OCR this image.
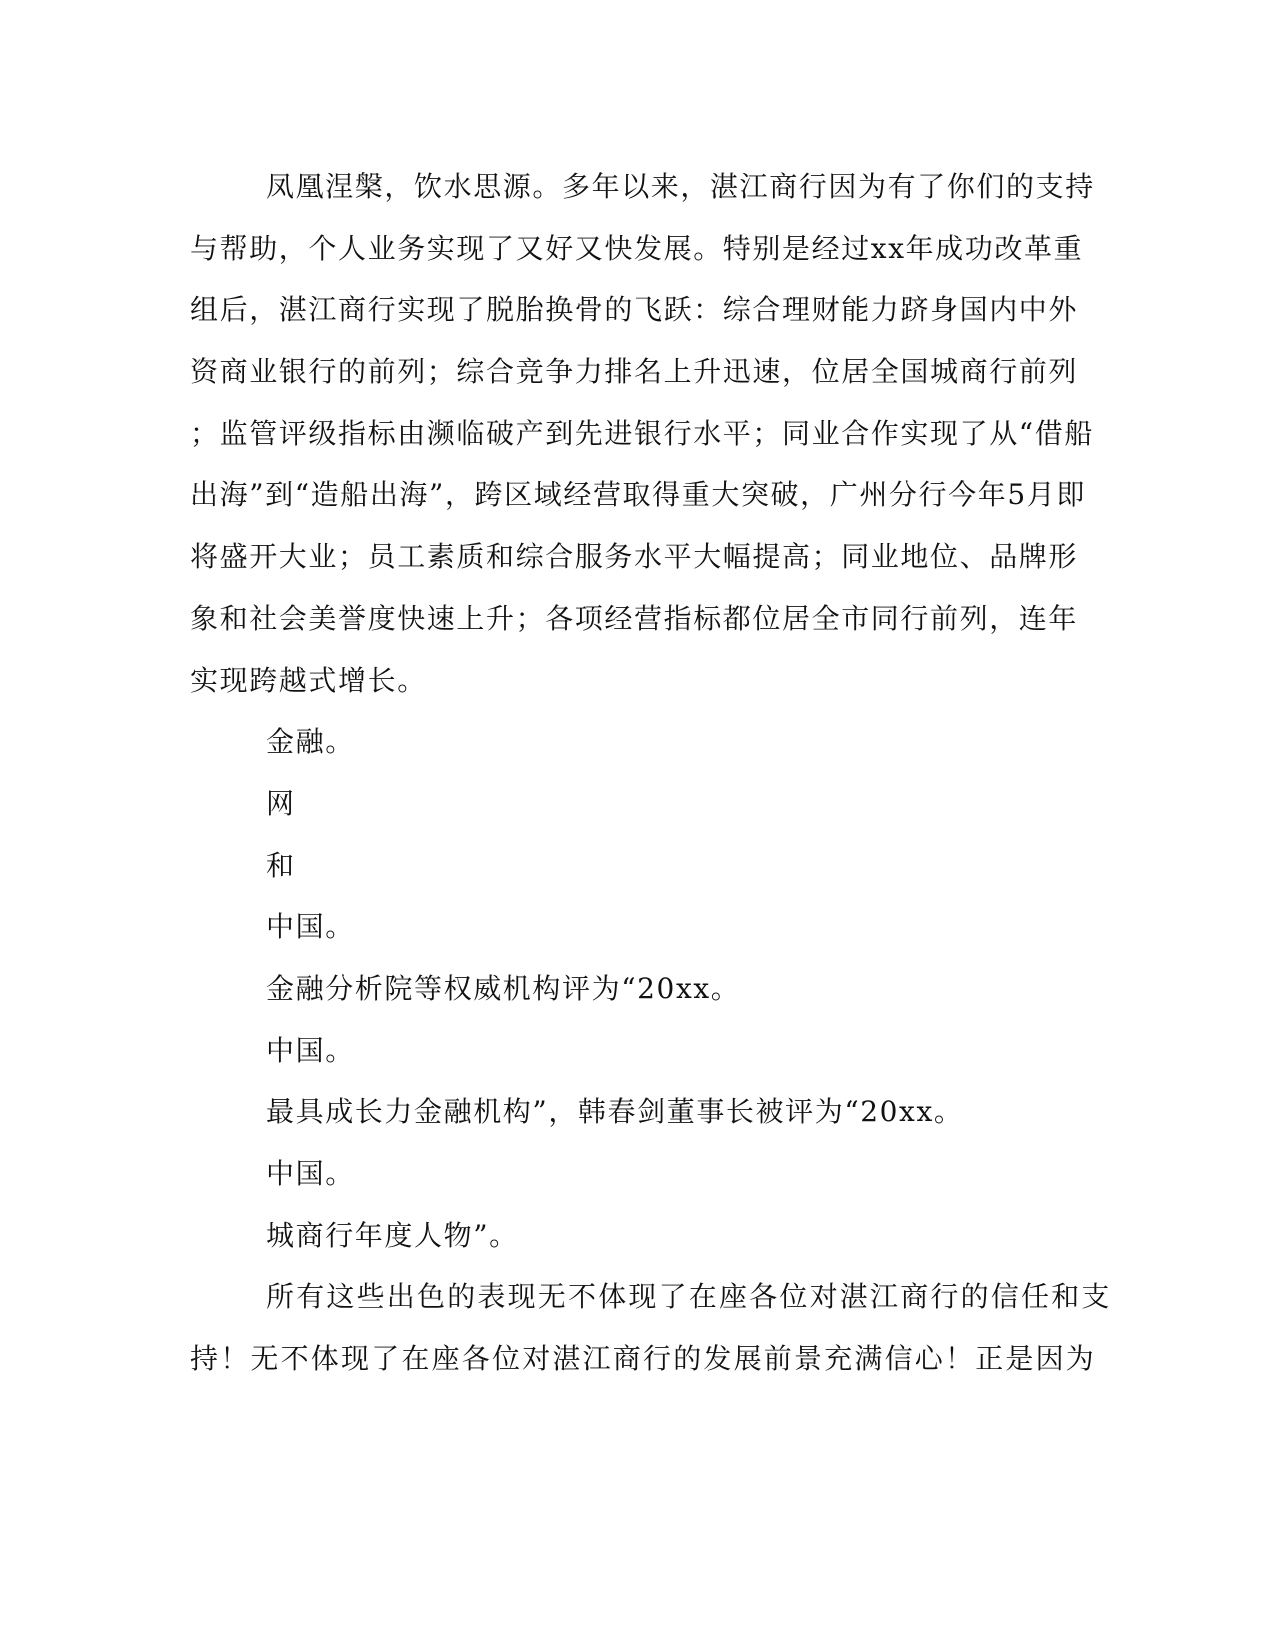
凤凰涅槃，饮水思源。多年以来，湛江商行因为有了你们的支持
与帮助，个人业务实现了又好又快发展。特别是经过xx年成功改革重
组后，湛江商行实现了脱胎换骨的飞跃：综合理财能力跻身国内中外
资商业银行的前列；综合竞争力排名上升迅速，位居全国城商行前列
；监管评级指标由濒临破产到先进银行水平；同业合作实现了从“借船
出海”到“造船出海”，跨区域经营取得重大突破，广州分行今年5月即
将盛开大业；员工素质和综合服务水平大幅提高；同业地位、品牌形
象和社会美誉度快速上升；各项经营指标都位居全市同行前列，连年
实现跨越式增长。
金融。
网
和
中国。
金融分析院等权威机构评为“20xx。
中国。
最具成长力金融机构”，韩春剑董事长被评为“20xx。
中国。
城商行年度人物”。
所有这些出色的表现无不体现了在座各位对湛江商行的信任和支
持！无不体现了在座各位对湛江商行的发展前景充满信心！正是因为
